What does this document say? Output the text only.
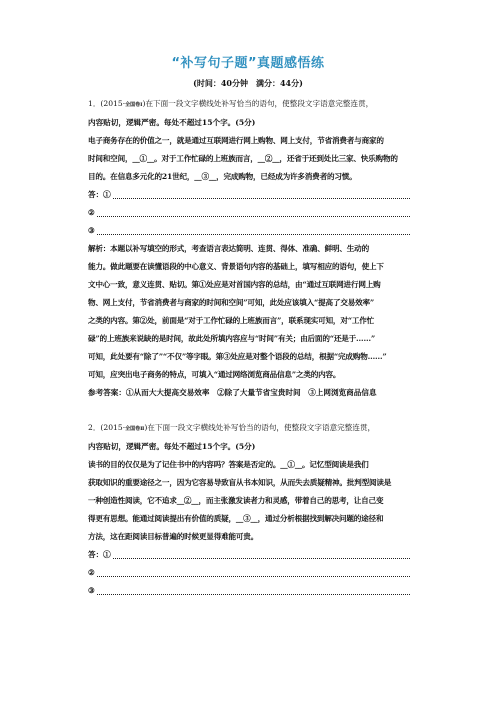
“补写句子题”真题感悟练
(时间：40分钟　满分：44分)
1．(2015·全国卷Ⅰ)在下面一段文字横线处补写恰当的语句，使整段文字语意完整连贯，
内容贴切，逻辑严密。每处不超过15个字。(5分)
电子商务存在的价值之一，就是通过互联网进行网上购物、网上支付，节省消费者与商家的
时间和空间，__①__。对于工作忙碌的上班族而言，__②__，还省于还到处比三家、快乐购物的
目的。在信息多元化的21世纪，__③__，完成购物，已经成为许多消费者的习惯。
答：①
②
③
解析：本题以补写填空的形式，考查语言表达简明、连贯、得体、准确、鲜明、生动的
能力。做此题要在读懂语段的中心意义、背景语句内容的基础上，填写相应的语句，使上下
文中心一致，意义连贯、贴切。第①处应是对首国内容的总结，由“通过互联网进行网上购
物、网上支付，节省消费者与商家的时间和空间”可知，此处应该填入“提高了交易效率”
之类的内容。第②处，前面是“对于工作忙碌的上班族而言”，联系现实可知，对“工作忙
碌”的上班族来说缺的是时间，故此处所填内容应与“时间”有关；由后面的“还是于……”
可知，此处要有“除了”“不仅”等字眼。第③处应是对整个语段的总结，根据“完成购物……”
可知，应突出电子商务的特点，可填入“通过网络浏览商品信息”之类的内容。
参考答案：①从而大大提高交易效率　②除了大量节省宝贵时间　③上网浏览商品信息
2．(2015·全国卷Ⅱ)在下面一段文字横线处补写恰当的语句，使整段文字语意完整连贯，
内容贴切，逻辑严密。每处不超过15个字。(5分)
读书的目的仅仅是为了记住书中的内容吗？答案是否定的。__①__。记忆型阅读是我们
获取知识的重要途径之一，因为它容易导致盲从书本知识，从而失去质疑精神。批判型阅读是
一种创造性阅读，它不追求__②__，而主张激发读者力和灵感，带着自己的思考，让自己变
得更有思想。能通过阅读提出有价值的质疑，__③__，通过分析根据找到解决问题的途径和
方法，这在距阅读目标普遍的时候更显得难能可贵。
答：①
②
③
